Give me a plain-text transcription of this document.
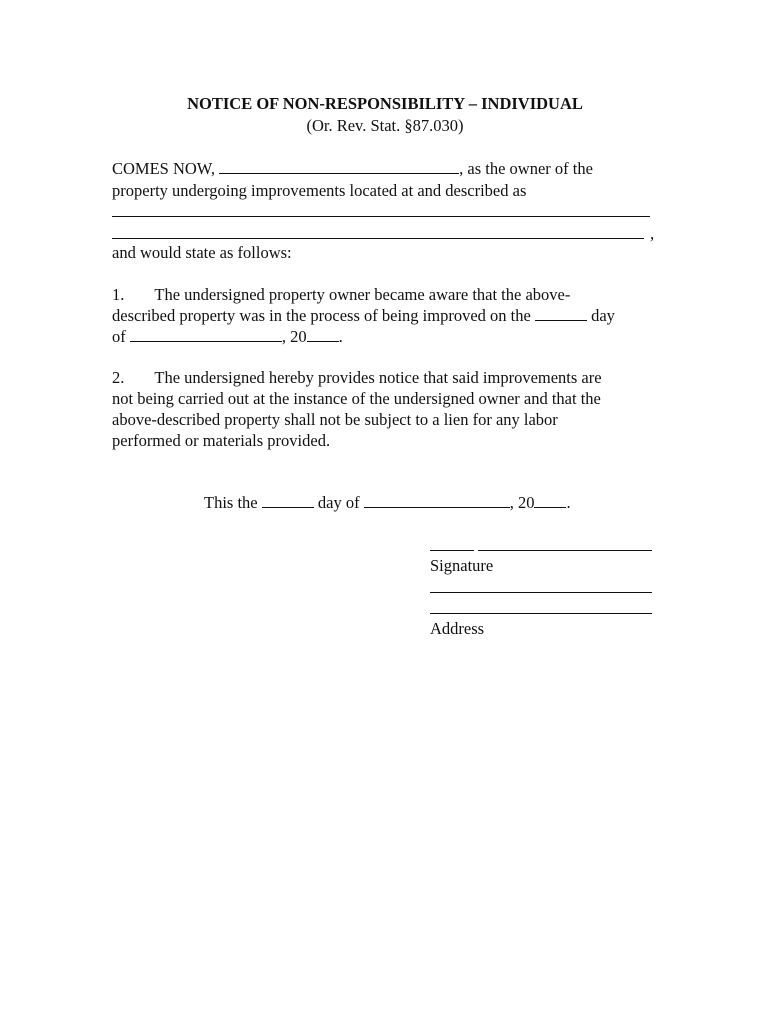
NOTICE OF NON-RESPONSIBILITY – INDIVIDUAL
(Or. Rev. Stat. §87.030)
COMES NOW,	, as the owner of the
property undergoing improvements located at and described as
,
and would state as follows:
1. The undersigned property owner became aware that the above-
described property was in the process of being improved on the	day
of	, 20 .
2. The undersigned hereby provides notice that said improvements are
not being carried out at the instance of the undersigned owner and that the
above-described property shall not be subject to a lien for any labor
performed or materials provided.
This the	day of	, 20 .
Signature
Address
